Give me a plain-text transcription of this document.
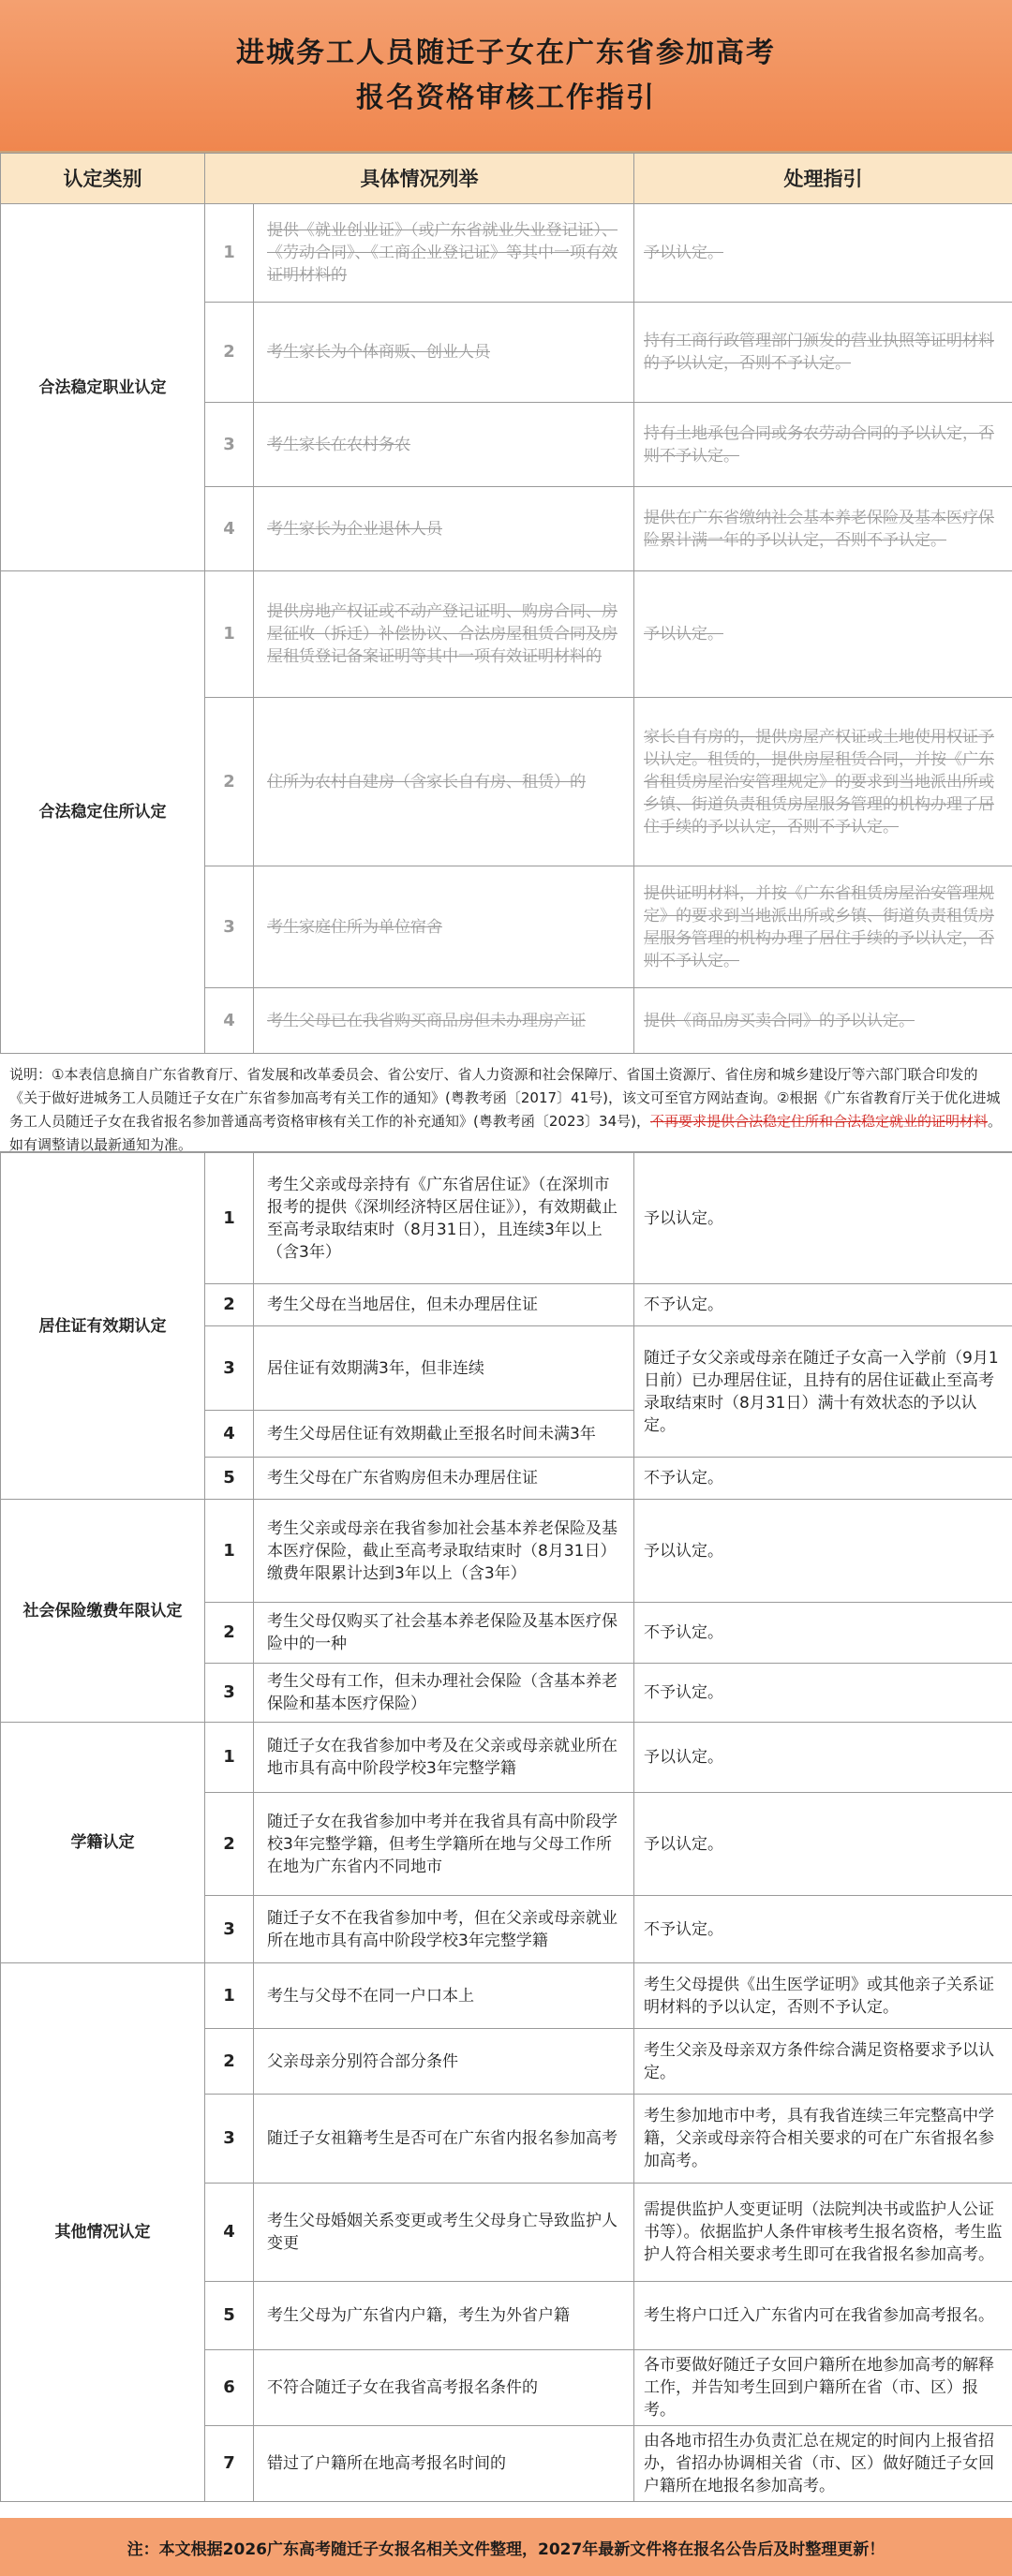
进城务工人员随迁子女在广东省参加高考
报名资格审核工作指引
认定类别	具体情况列举		处理指引
合法稳定职业认定	1	提供《就业创业证》（或广东省就业失业登记证）、《劳动合同》、《工商企业登记证》等其中一项有效证明材料的	予以认定。
	2	考生家长为个体商贩、创业人员	持有工商行政管理部门颁发的营业执照等证明材料的予以认定，否则不予认定。
	3	考生家长在农村务农	持有土地承包合同或务农劳动合同的予以认定，否则不予认定。
	4	考生家长为企业退休人员	提供在广东省缴纳社会基本养老保险及基本医疗保险累计满一年的予以认定，否则不予认定。
合法稳定住所认定	1	提供房地产权证或不动产登记证明、购房合同、房屋征收（拆迁）补偿协议、合法房屋租赁合同及房屋租赁登记备案证明等其中一项有效证明材料的	予以认定。
	2	住所为农村自建房（含家长自有房、租赁）的	家长自有房的，提供房屋产权证或土地使用权证予以认定。租赁的，提供房屋租赁合同，并按《广东省租赁房屋治安管理规定》的要求到当地派出所或乡镇、街道负责租赁房屋服务管理的机构办理了居住手续的予以认定，否则不予认定。
	3	考生家庭住所为单位宿舍	提供证明材料，并按《广东省租赁房屋治安管理规定》的要求到当地派出所或乡镇、街道负责租赁房屋服务管理的机构办理了居住手续的予以认定，否则不予认定。
	4	考生父母已在我省购买商品房但未办理房产证	提供《商品房买卖合同》的予以认定。
说明：①本表信息摘自广东省教育厅、省发展和改革委员会、省公安厅、省人力资源和社会保障厅、省国土资源厅、省住房和城乡建设厅等六部门联合印发的《关于做好进城务工人员随迁子女在广东省参加高考有关工作的通知》(粤教考函〔2017〕41号)，该文可至官方网站查询。②根据《广东省教育厅关于优化进城务工人员随迁子女在我省报名参加普通高考资格审核有关工作的补充通知》(粤教考函〔2023〕34号)，不再要求提供合法稳定住所和合法稳定就业的证明材料。如有调整请以最新通知为准。
居住证有效期认定	1	考生父亲或母亲持有《广东省居住证》（在深圳市报考的提供《深圳经济特区居住证》），有效期截止至高考录取结束时（8月31日），且连续3年以上（含3年）	予以认定。
	2	考生父母在当地居住，但未办理居住证	不予认定。
	3	居住证有效期满3年，但非连续	随迁子女父亲或母亲在随迁子女高一入学前（9月1日前）已办理居住证，且持有的居住证截止至高考录取结束时（8月31日）满十有效状态的予以认定。
	4	考生父母居住证有效期截止至报名时间未满3年	
	5	考生父母在广东省购房但未办理居住证	不予认定。
社会保险缴费年限认定	1	考生父亲或母亲在我省参加社会基本养老保险及基本医疗保险，截止至高考录取结束时（8月31日）缴费年限累计达到3年以上（含3年）	予以认定。
	2	考生父母仅购买了社会基本养老保险及基本医疗保险中的一种	不予认定。
	3	考生父母有工作，但未办理社会保险（含基本养老保险和基本医疗保险）	不予认定。
学籍认定	1	随迁子女在我省参加中考及在父亲或母亲就业所在地市具有高中阶段学校3年完整学籍	予以认定。
	2	随迁子女在我省参加中考并在我省具有高中阶段学校3年完整学籍，但考生学籍所在地与父母工作所在地为广东省内不同地市	予以认定。
	3	随迁子女不在我省参加中考，但在父亲或母亲就业所在地市具有高中阶段学校3年完整学籍	不予认定。
其他情况认定	1	考生与父母不在同一户口本上	考生父母提供《出生医学证明》或其他亲子关系证明材料的予以认定，否则不予认定。
	2	父亲母亲分别符合部分条件	考生父亲及母亲双方条件综合满足资格要求予以认定。
	3	随迁子女祖籍考生是否可在广东省内报名参加高考	考生参加地市中考，具有我省连续三年完整高中学籍，父亲或母亲符合相关要求的可在广东省报名参加高考。
	4	考生父母婚姻关系变更或考生父母身亡导致监护人变更	需提供监护人变更证明（法院判决书或监护人公证书等）。依据监护人条件审核考生报名资格，考生监护人符合相关要求考生即可在我省报名参加高考。
	5	考生父母为广东省内户籍，考生为外省户籍	考生将户口迁入广东省内可在我省参加高考报名。
	6	不符合随迁子女在我省高考报名条件的	各市要做好随迁子女回户籍所在地参加高考的解释工作，并告知考生回到户籍所在省（市、区）报考。
	7	错过了户籍所在地高考报名时间的	由各地市招生办负责汇总在规定的时间内上报省招办，省招办协调相关省（市、区）做好随迁子女回户籍所在地报名参加高考。
注：本文根据2026广东高考随迁子女报名相关文件整理，2027年最新文件将在报名公告后及时整理更新！
